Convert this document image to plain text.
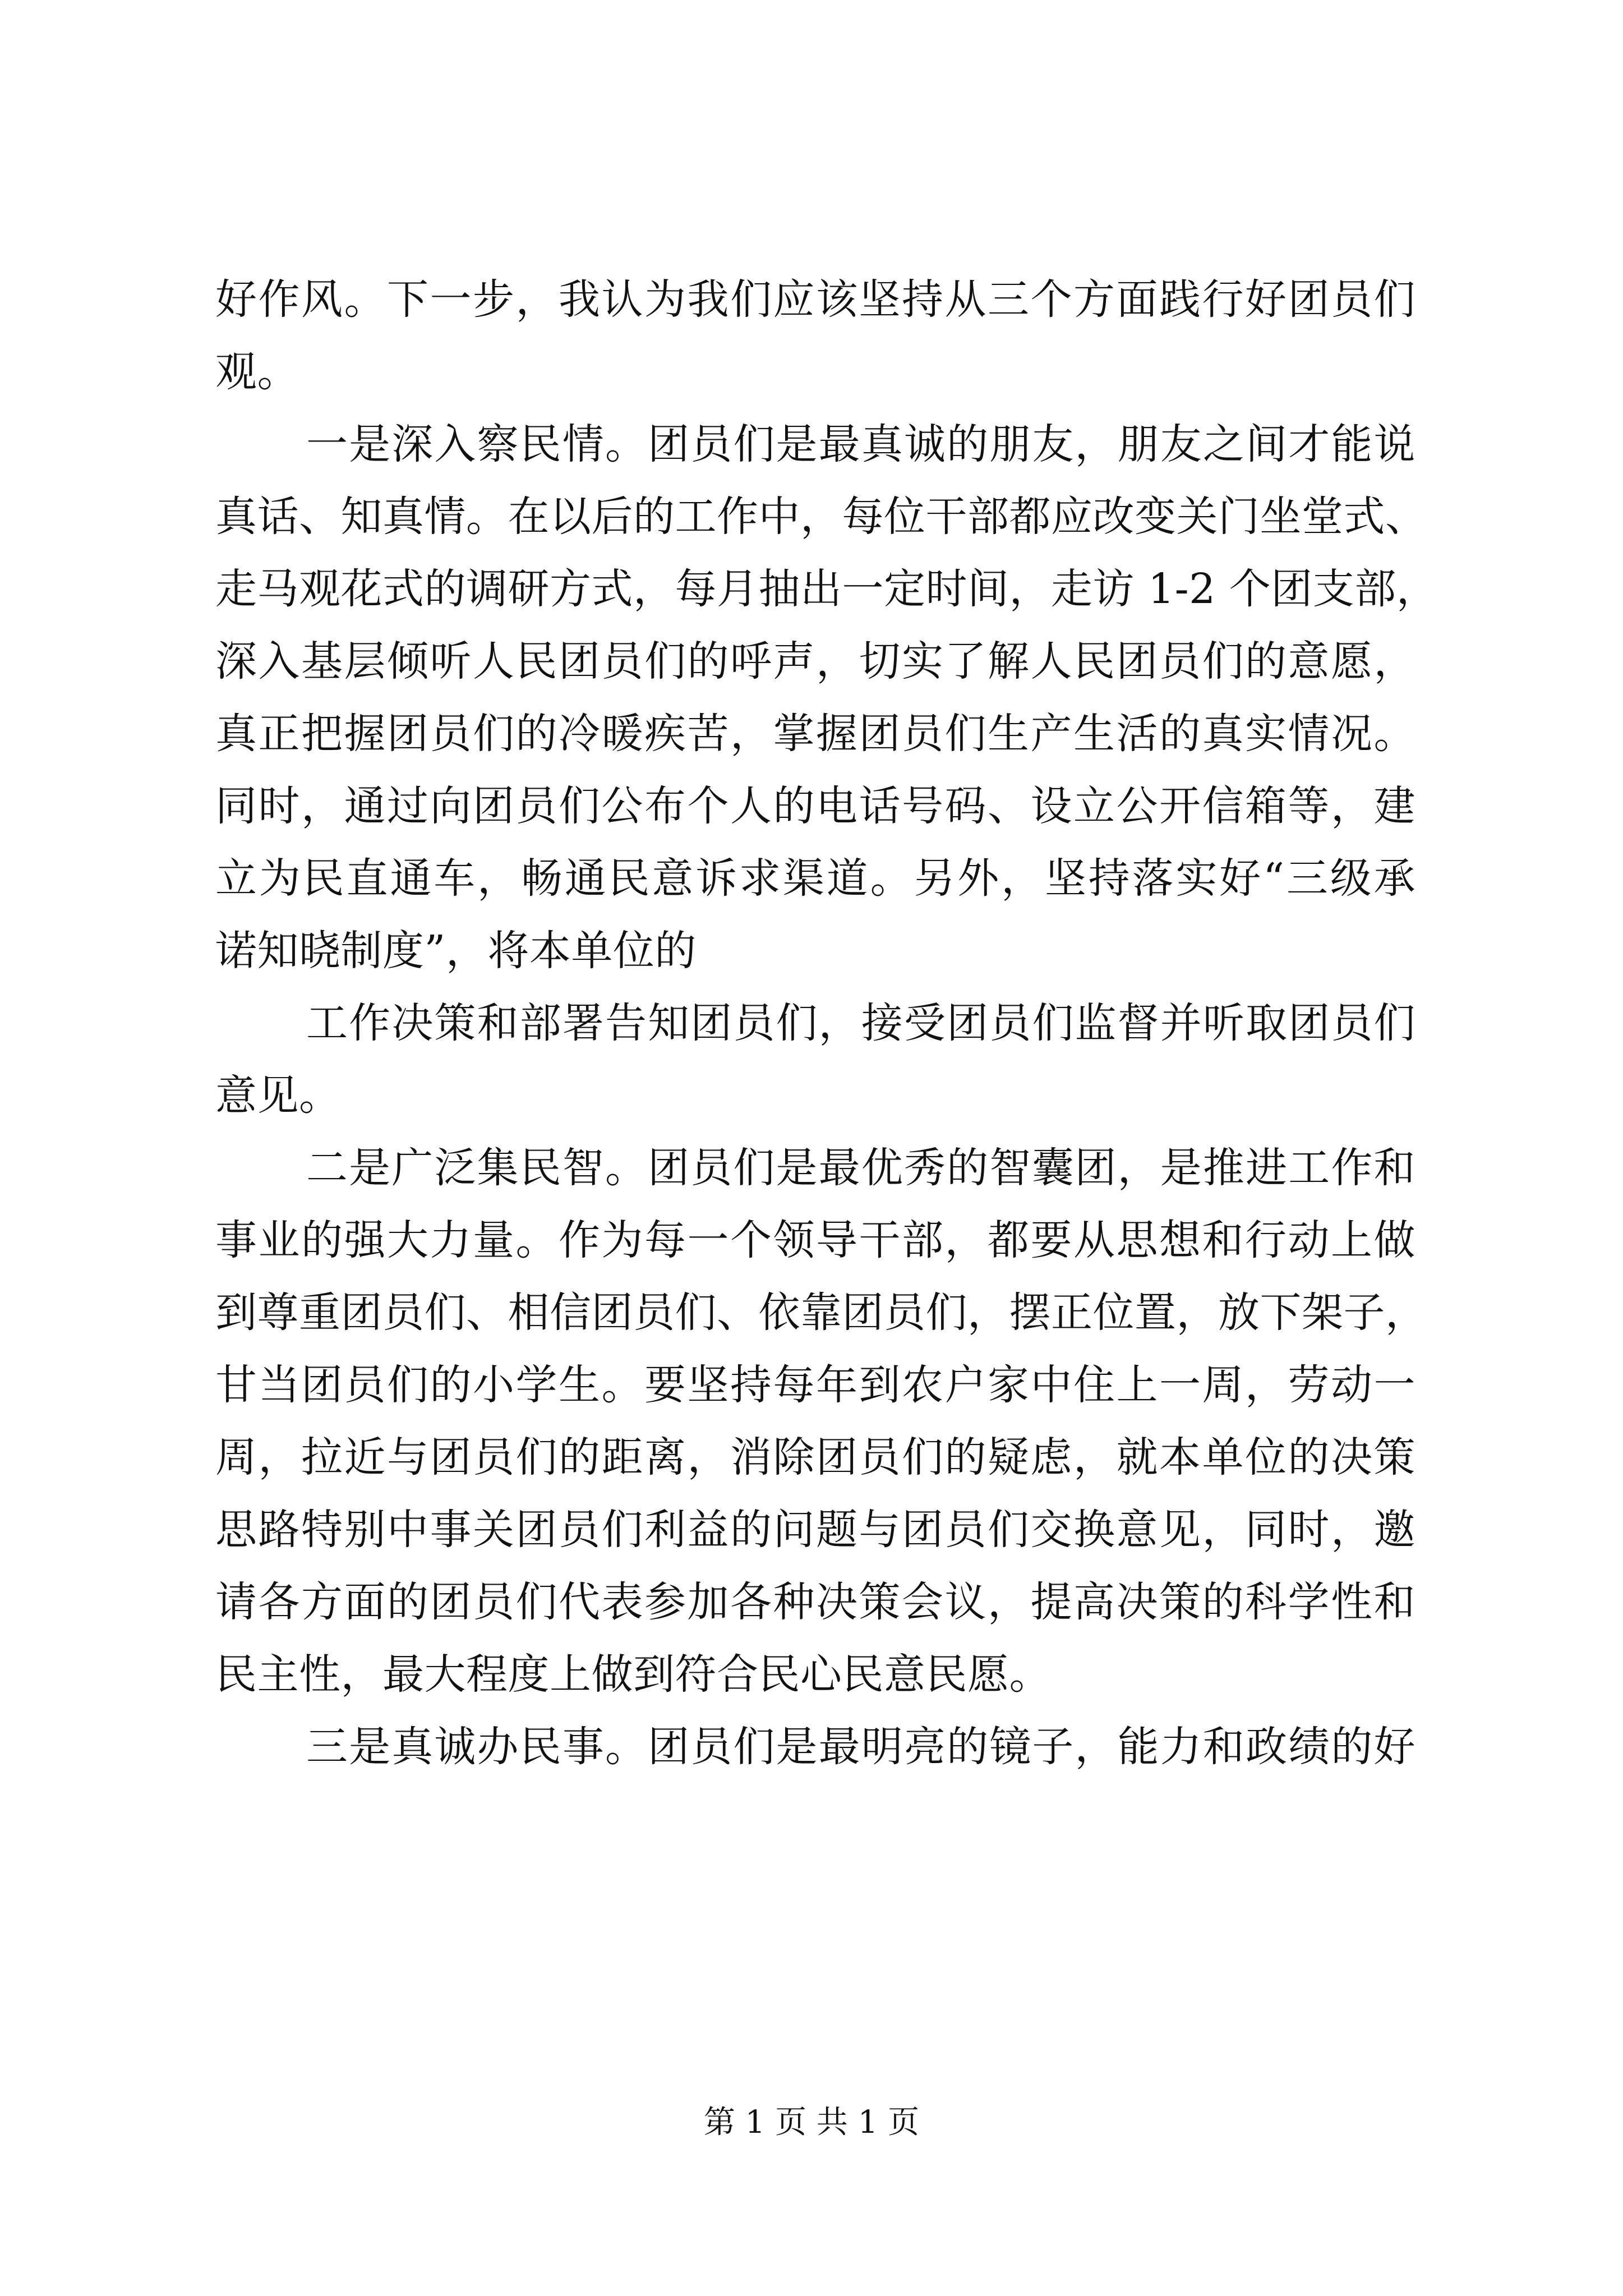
好作风。下一步，我认为我们应该坚持从三个方面践行好团员们
观。
一是深入察民情。团员们是最真诚的朋友，朋友之间才能说
真话、知真情。在以后的工作中，每位干部都应改变关门坐堂式、
走马观花式的调研方式，每月抽出一定时间，走访 1-2 个团支部，
深入基层倾听人民团员们的呼声，切实了解人民团员们的意愿，
真正把握团员们的冷暖疾苦，掌握团员们生产生活的真实情况。
同时，通过向团员们公布个人的电话号码、设立公开信箱等，建
立为民直通车，畅通民意诉求渠道。另外，坚持落实好“三级承
诺知晓制度”，将本单位的
工作决策和部署告知团员们，接受团员们监督并听取团员们
意见。
二是广泛集民智。团员们是最优秀的智囊团，是推进工作和
事业的强大力量。作为每一个领导干部，都要从思想和行动上做
到尊重团员们、相信团员们、依靠团员们，摆正位置，放下架子，
甘当团员们的小学生。要坚持每年到农户家中住上一周，劳动一
周，拉近与团员们的距离，消除团员们的疑虑，就本单位的决策
思路特别中事关团员们利益的问题与团员们交换意见，同时，邀
请各方面的团员们代表参加各种决策会议，提高决策的科学性和
民主性，最大程度上做到符合民心民意民愿。
三是真诚办民事。团员们是最明亮的镜子，能力和政绩的好
第 1 页 共 1 页
